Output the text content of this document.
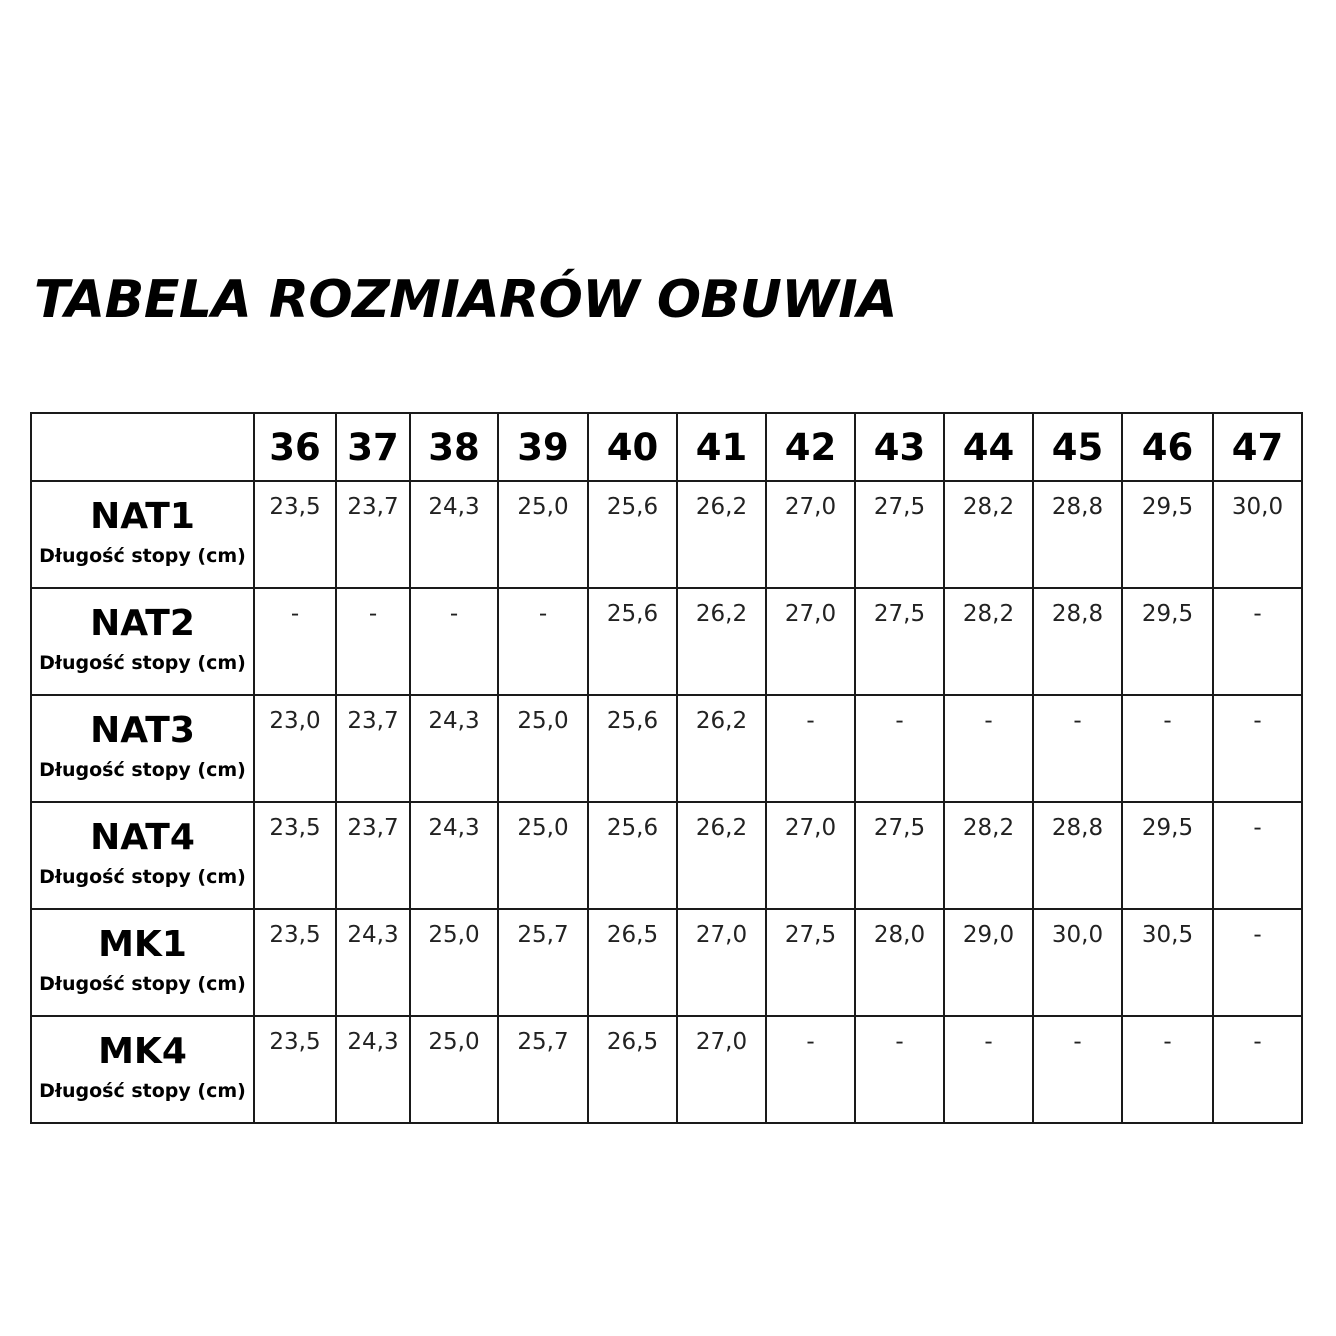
TABELA ROZMIARÓW OBUWIA
	36	37	38	39	40	41	42	43	44	45	46	47

NAT1
Długość stopy (cm)	23,5	23,7	24,3	25,0	25,6	26,2	27,0	27,5	28,2	28,8	29,5	30,0

NAT2
Długość stopy (cm)	-	-	-	-	25,6	26,2	27,0	27,5	28,2	28,8	29,5	-

NAT3
Długość stopy (cm)	23,0	23,7	24,3	25,0	25,6	26,2	-	-	-	-	-	-

NAT4
Długość stopy (cm)	23,5	23,7	24,3	25,0	25,6	26,2	27,0	27,5	28,2	28,8	29,5	-

MK1
Długość stopy (cm)	23,5	24,3	25,0	25,7	26,5	27,0	27,5	28,0	29,0	30,0	30,5	-

MK4
Długość stopy (cm)	23,5	24,3	25,0	25,7	26,5	27,0	-	-	-	-	-	-
